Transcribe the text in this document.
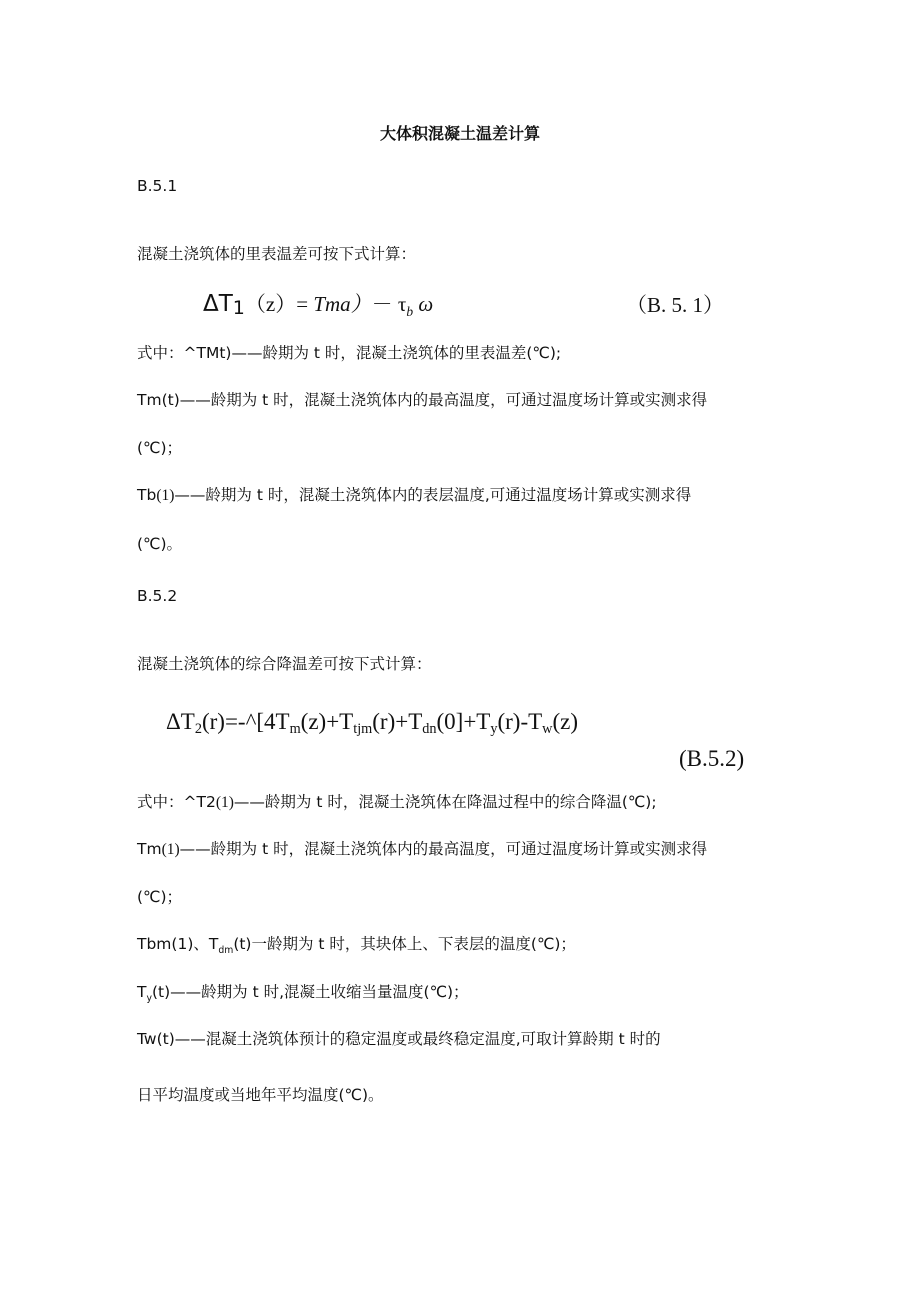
大体积混凝土温差计算
B.5.1
混凝土浇筑体的里表温差可按下式计算：
$\Delta T_1(z)= Tma)- \tau_b$ ω	（B. 5. 1）
式中：^TMt)——龄期为 t 时，混凝土浇筑体的里表温差(℃);
Tm(t)——龄期为 t 时，混凝土浇筑体内的最高温度，可通过温度场计算或实测求得
(℃)；
Tb(1)——龄期为 t 时，混凝土浇筑体内的表层温度,可通过温度场计算或实测求得
(℃)。
B.5.2
混凝土浇筑体的综合降温差可按下式计算：
$\Delta T_2(r)=-\^{}[4T_m(z)+T_{tjm}(r)+T_{dn}(0]+T_y(r)-T_w(z)$
(B.5.2)
式中：^T2(1)——龄期为 t 时，混凝土浇筑体在降温过程中的综合降温(℃);
Tm(1)——龄期为 t 时，混凝土浇筑体内的最高温度，可通过温度场计算或实测求得
(℃)；
Tbm(1)、$T_{dm}(t)$一龄期为 t 时，其块体上、下表层的温度(℃)；
$T_y(t)——$龄期为 t 时,混凝土收缩当量温度(℃)；
Tw(t)——混凝土浇筑体预计的稳定温度或最终稳定温度,可取计算龄期 t 时的
日平均温度或当地年平均温度(℃)。
